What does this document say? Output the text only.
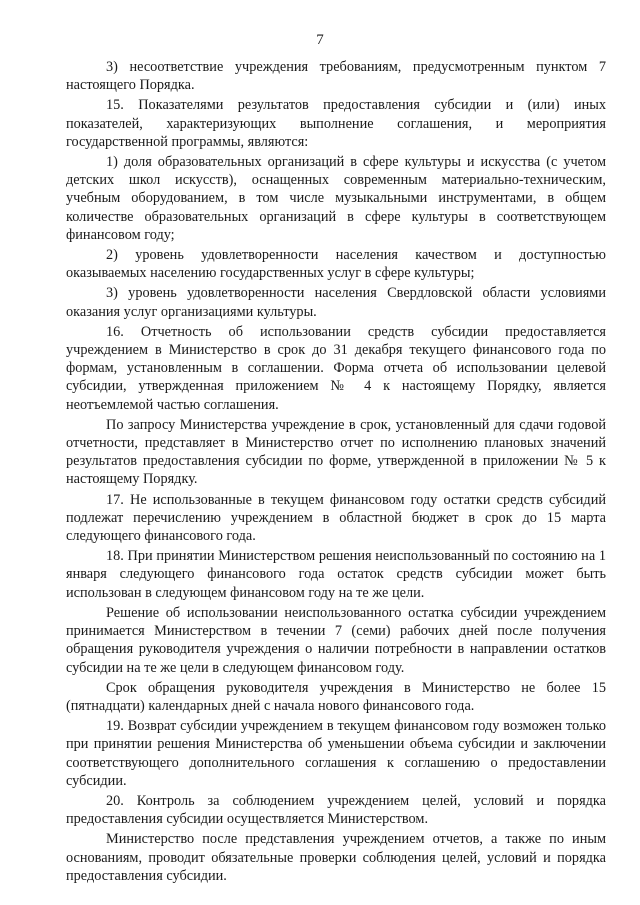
7

3) несоответствие учреждения требованиям, предусмотренным пунктом 7 настоящего Порядка.

15. Показателями результатов предоставления субсидии и (или) иных показателей, характеризующих выполнение соглашения, и мероприятия государственной программы, являются:

1) доля образовательных организаций в сфере культуры и искусства (с учетом детских школ искусств), оснащенных современным материально-техническим, учебным оборудованием, в том числе музыкальными инструментами, в общем количестве образовательных организаций в сфере культуры в соответствующем финансовом году;

2) уровень удовлетворенности населения качеством и доступностью оказываемых населению государственных услуг в сфере культуры;

3) уровень удовлетворенности населения Свердловской области условиями оказания услуг организациями культуры.

16. Отчетность об использовании средств субсидии предоставляется учреждением в Министерство в срок до 31 декабря текущего финансового года по формам, установленным в соглашении. Форма отчета об использовании целевой субсидии, утвержденная приложением № 4 к настоящему Порядку, является неотъемлемой частью соглашения.

По запросу Министерства учреждение в срок, установленный для сдачи годовой отчетности, представляет в Министерство отчет по исполнению плановых значений результатов предоставления субсидии по форме, утвержденной в приложении № 5 к настоящему Порядку.

17. Не использованные в текущем финансовом году остатки средств субсидий подлежат перечислению учреждением в областной бюджет в срок до 15 марта следующего финансового года.

18. При принятии Министерством решения неиспользованный по состоянию на 1 января следующего финансового года остаток средств субсидии может быть использован в следующем финансовом году на те же цели.

Решение об использовании неиспользованного остатка субсидии учреждением принимается Министерством в течении 7 (семи) рабочих дней после получения обращения руководителя учреждения о наличии потребности в направлении остатков субсидии на те же цели в следующем финансовом году.

Срок обращения руководителя учреждения в Министерство не более 15 (пятнадцати) календарных дней с начала нового финансового года.

19. Возврат субсидии учреждением в текущем финансовом году возможен только при принятии решения Министерства об уменьшении объема субсидии и заключении соответствующего дополнительного соглашения к соглашению о предоставлении субсидии.

20. Контроль за соблюдением учреждением целей, условий и порядка предоставления субсидии осуществляется Министерством.

Министерство после представления учреждением отчетов, а также по иным основаниям, проводит обязательные проверки соблюдения целей, условий и порядка предоставления субсидии.
